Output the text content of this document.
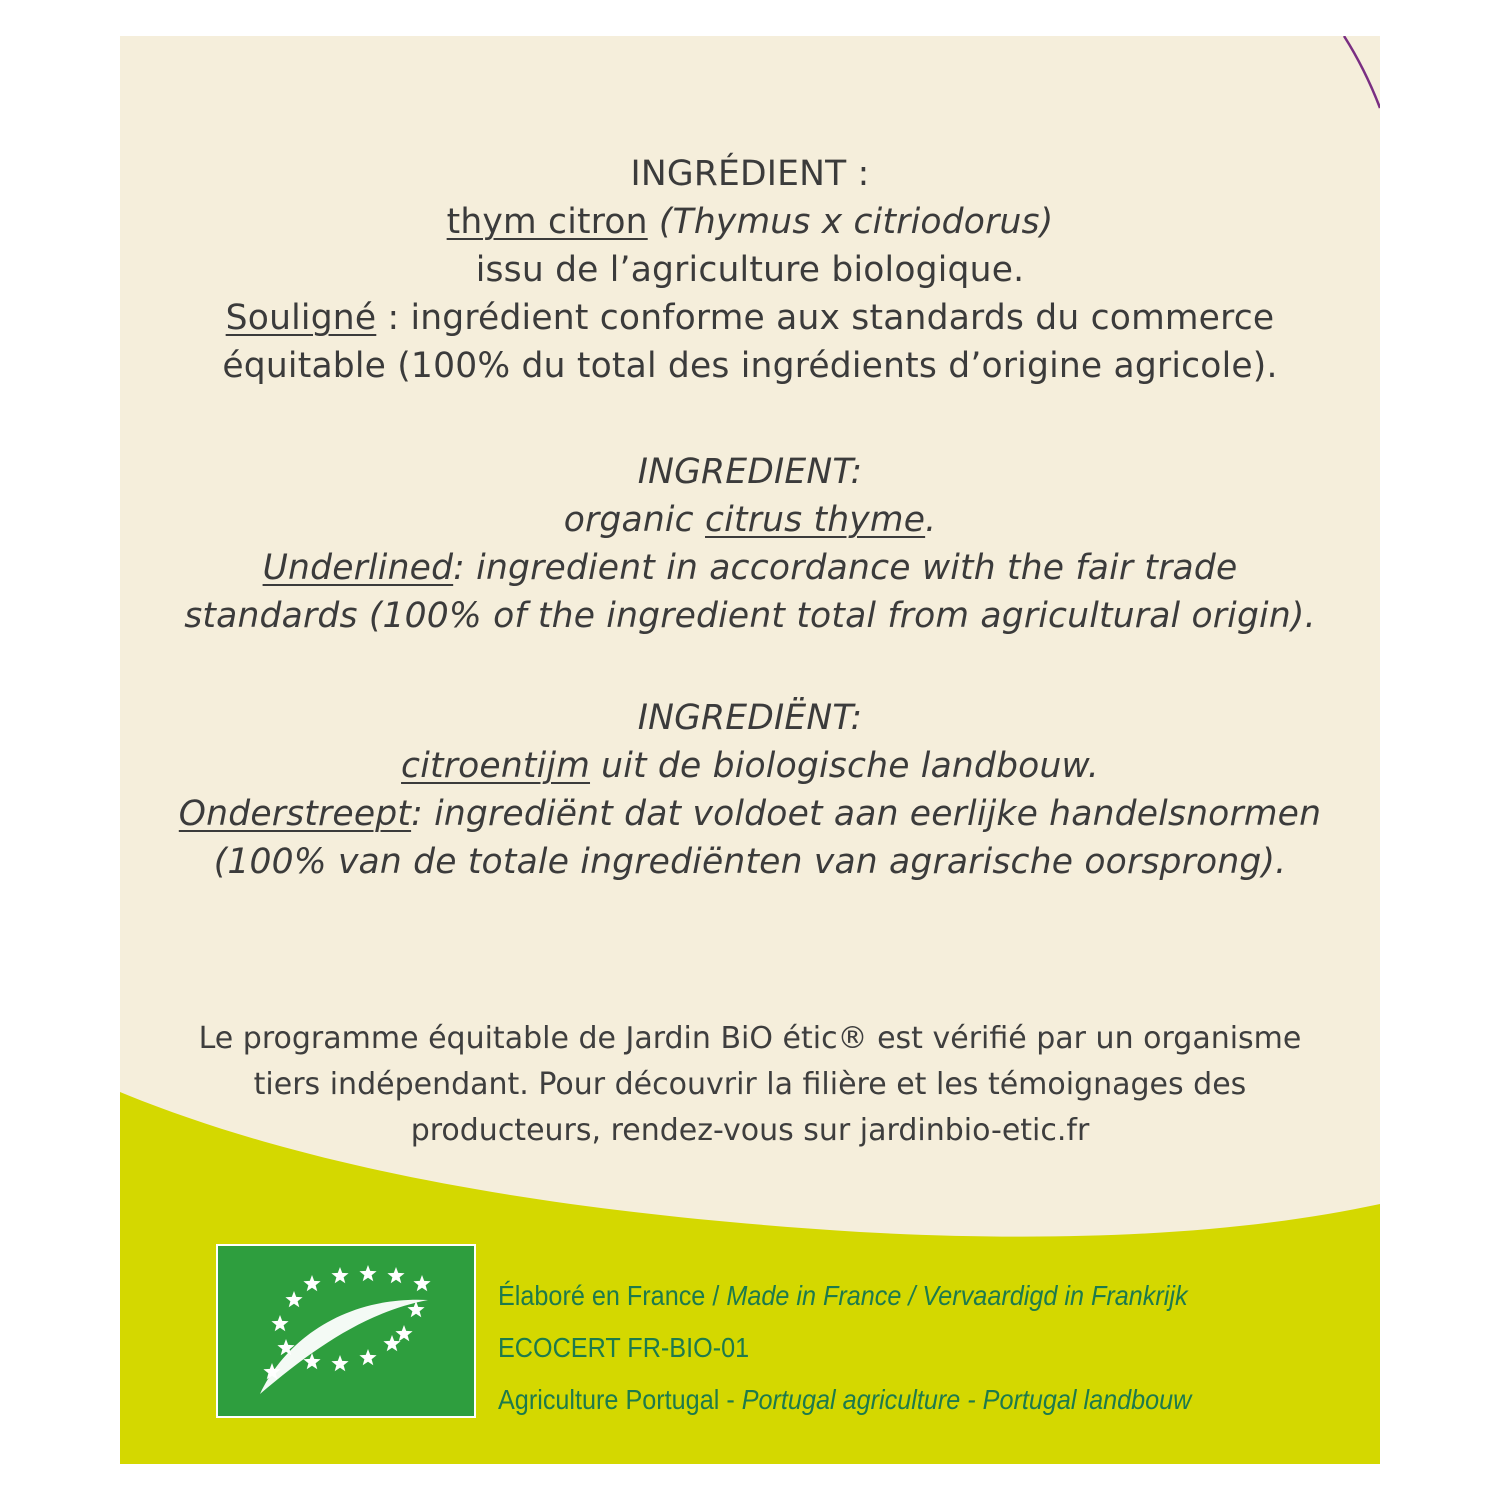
INGRÉDIENT :
thym citron (Thymus x citriodorus)
issu de l’agriculture biologique.
Souligné : ingrédient conforme aux standards du commerce
équitable (100% du total des ingrédients d’origine agricole).
INGREDIENT:
organic citrus thyme.
Underlined: ingredient in accordance with the fair trade
standards (100% of the ingredient total from agricultural origin).
INGREDIËNT:
citroentijm uit de biologische landbouw.
Onderstreept: ingrediënt dat voldoet aan eerlijke handelsnormen
(100% van de totale ingrediënten van agrarische oorsprong).
Le programme équitable de Jardin BiO étic® est vérifié par un organisme
tiers indépendant. Pour découvrir la filière et les témoignages des
producteurs, rendez-vous sur jardinbio-etic.fr
Élaboré en France / Made in France / Vervaardigd in Frankrijk
ECOCERT FR-BIO-01
Agriculture Portugal - Portugal agriculture - Portugal landbouw
